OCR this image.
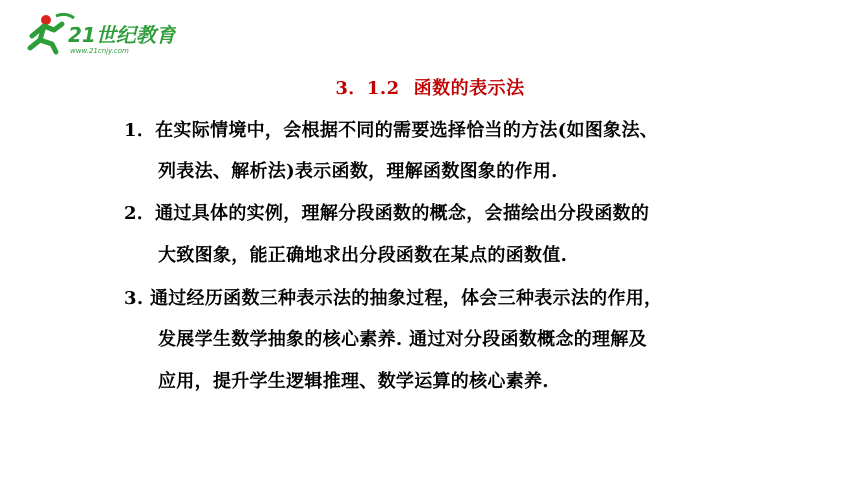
21世纪教育
www.21cnjy.com
3．1.2 函数的表示法
1．在实际情境中，会根据不同的需要选择恰当的方法(如图象法、
列表法、解析法)表示函数，理解函数图象的作用.
2．通过具体的实例，理解分段函数的概念，会描绘出分段函数的
大致图象，能正确地求出分段函数在某点的函数值.
3. 通过经历函数三种表示法的抽象过程，体会三种表示法的作用，
发展学生数学抽象的核心素养. 通过对分段函数概念的理解及
应用，提升学生逻辑推理、数学运算的核心素养.
